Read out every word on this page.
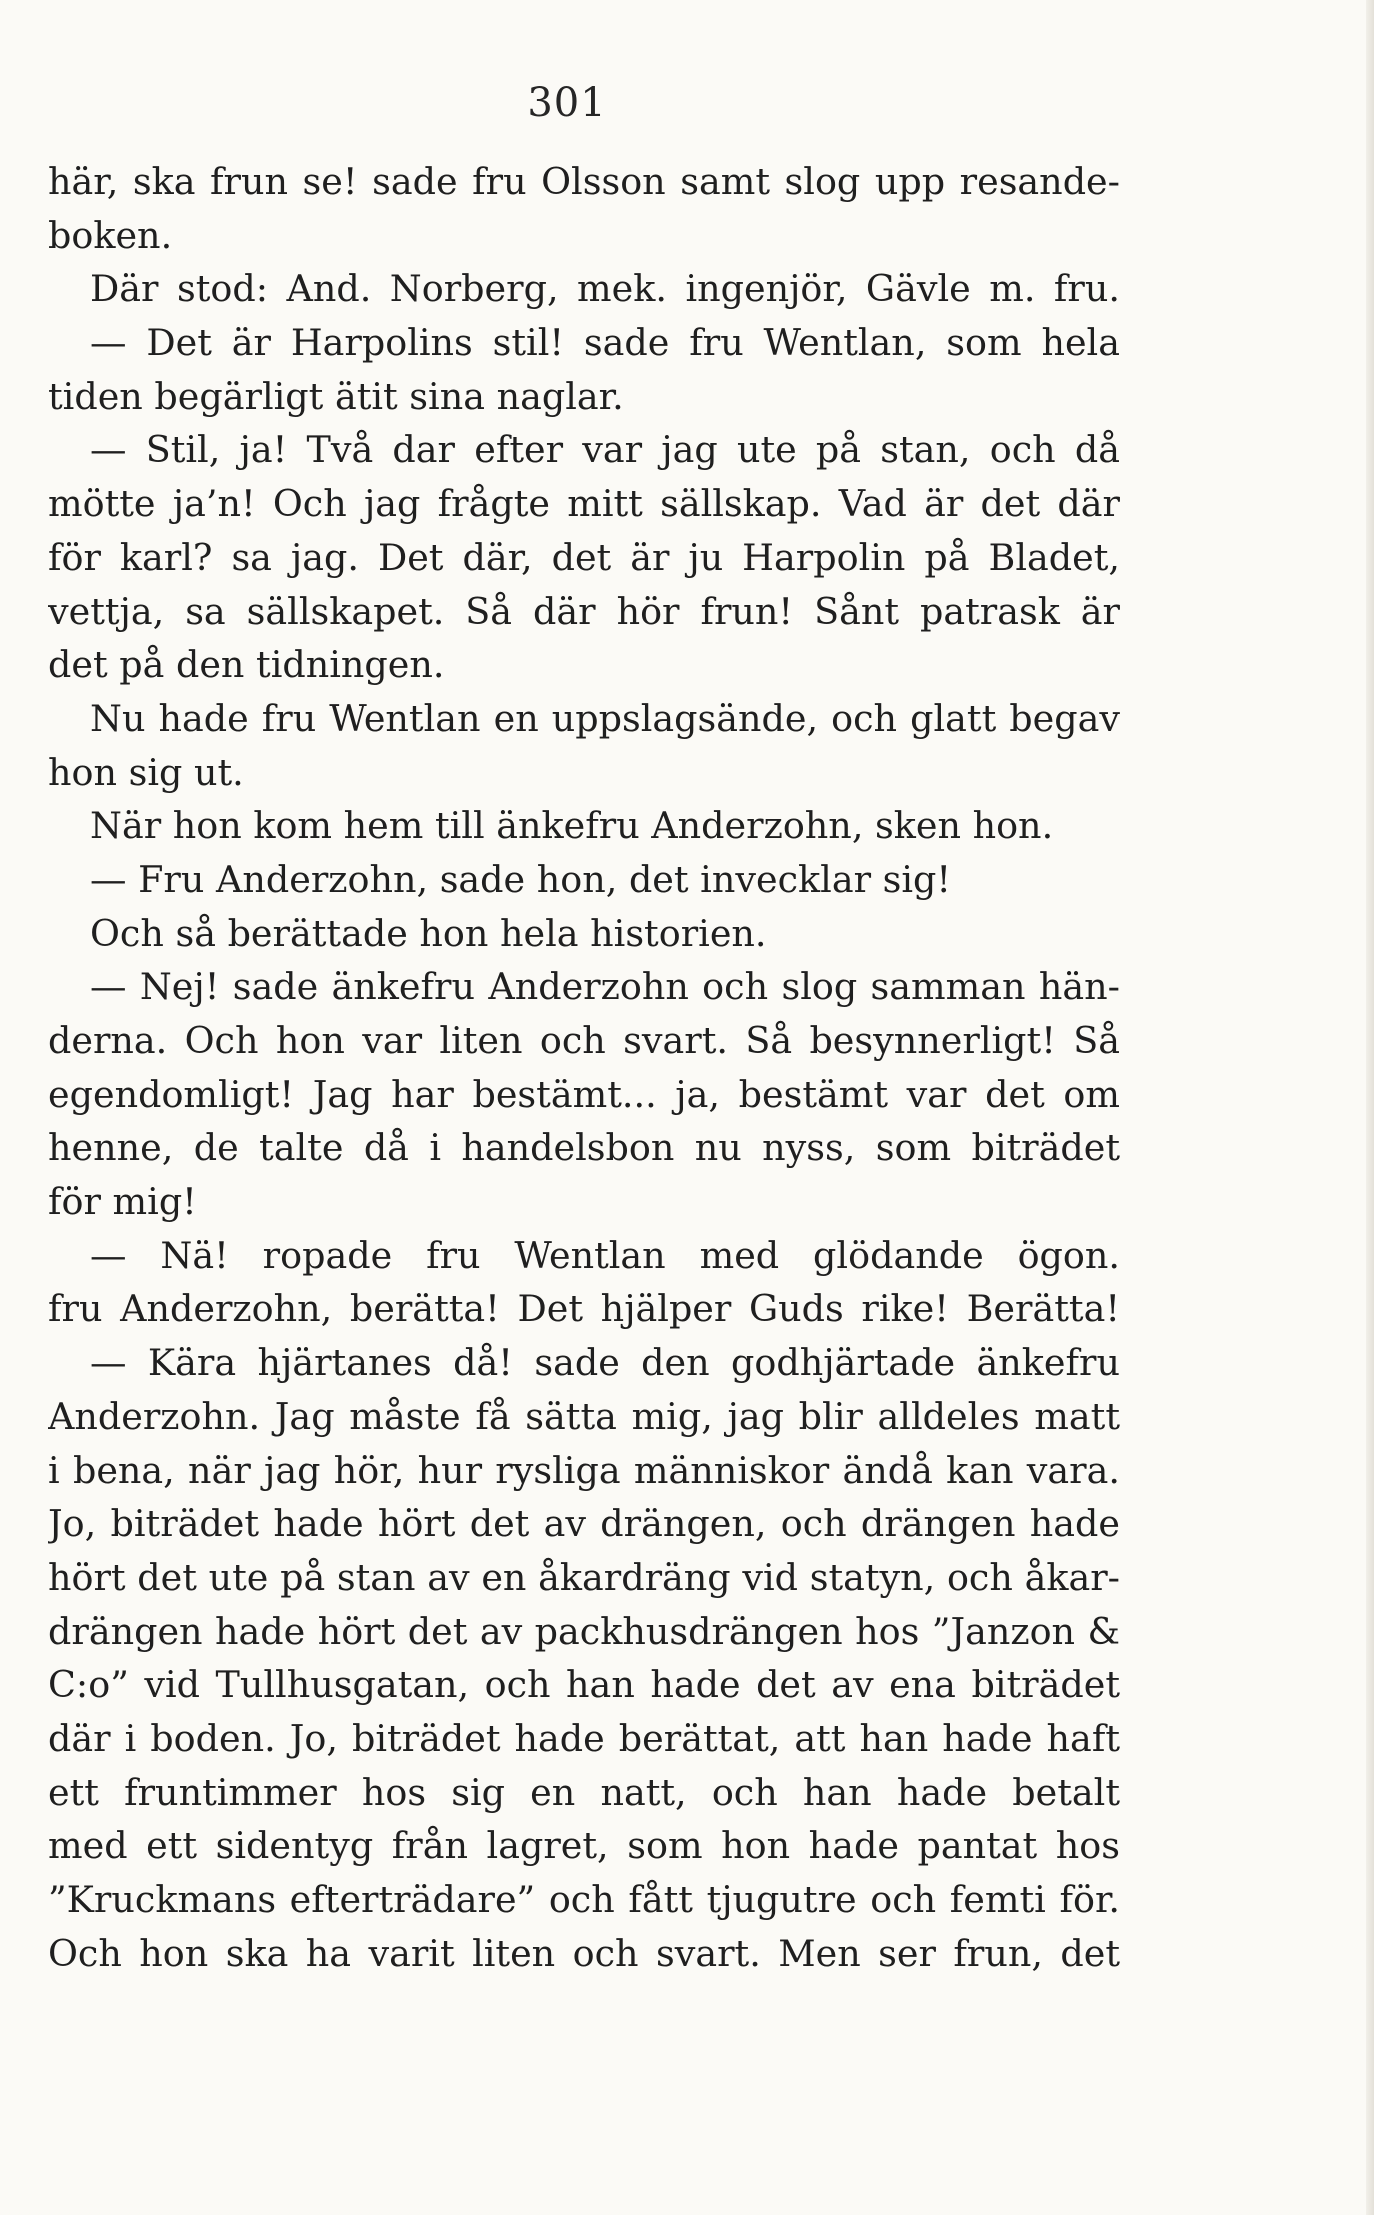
301

här, ska frun se! sade fru Olsson samt slog upp resande-
boken.
Där stod: And. Norberg, mek. ingenjör, Gävle m. fru.
— Det är Harpolins stil! sade fru Wentlan, som hela
tiden begärligt ätit sina naglar.
— Stil, ja! Två dar efter var jag ute på stan, och då
mötte ja’n! Och jag frågte mitt sällskap. Vad är det där
för karl? sa jag. Det där, det är ju Harpolin på Bladet,
vettja, sa sällskapet. Så där hör frun! Sånt patrask är
det på den tidningen.
Nu hade fru Wentlan en uppslagsände, och glatt begav
hon sig ut.
När hon kom hem till änkefru Anderzohn, sken hon.
— Fru Anderzohn, sade hon, det invecklar sig!
Och så berättade hon hela historien.
— Nej! sade änkefru Anderzohn och slog samman hän-
derna. Och hon var liten och svart. Så besynnerligt! Så
egendomligt! Jag har bestämt... ja, bestämt var det om
henne, de talte då i handelsbon nu nyss, som biträdet
för mig!
— Nä! ropade fru Wentlan med glödande ögon.
fru Anderzohn, berätta! Det hjälper Guds rike! Berätta!
— Kära hjärtanes då! sade den godhjärtade änkefru
Anderzohn. Jag måste få sätta mig, jag blir alldeles matt
i bena, när jag hör, hur rysliga människor ändå kan vara.
Jo, biträdet hade hört det av drängen, och drängen hade
hört det ute på stan av en åkardräng vid statyn, och åkar-
drängen hade hört det av packhusdrängen hos ”Janzon &
C:o” vid Tullhusgatan, och han hade det av ena biträdet
där i boden. Jo, biträdet hade berättat, att han hade haft
ett fruntimmer hos sig en natt, och han hade betalt
med ett sidentyg från lagret, som hon hade pantat hos
”Kruckmans efterträdare” och fått tjugutre och femti för.
Och hon ska ha varit liten och svart. Men ser frun, det
